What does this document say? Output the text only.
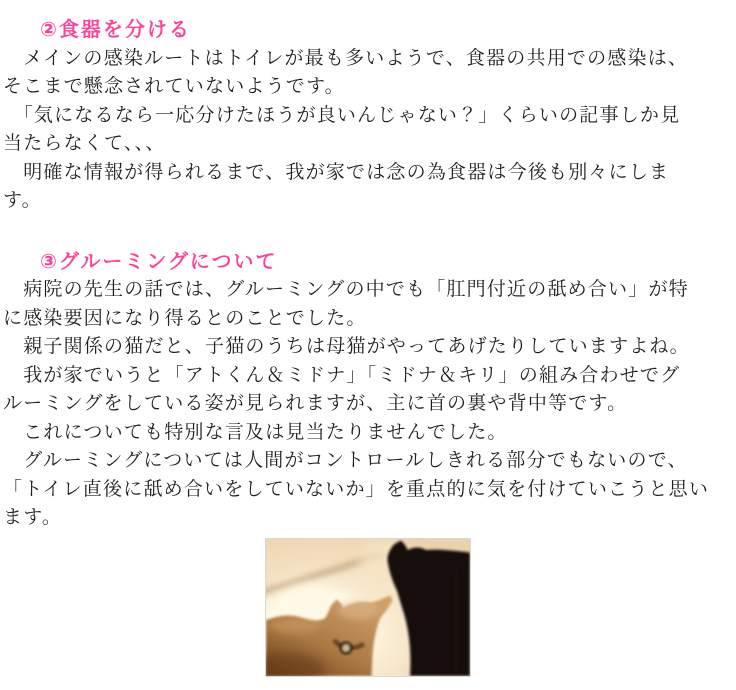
②食器を分ける
　メインの感染ルートはトイレが最も多いようで、食器の共用での感染は、
そこまで懸念されていないようです。
　「気になるなら一応分けたほうが良いんじゃない？」くらいの記事しか見
当たらなくて、、、
　明確な情報が得られるまで、我が家では念の為食器は今後も別々にしま
す。
③グルーミングについて
　病院の先生の話では、グルーミングの中でも「肛門付近の舐め合い」が特
に感染要因になり得るとのことでした。
　親子関係の猫だと、子猫のうちは母猫がやってあげたりしていますよね。
　我が家でいうと「アトくん＆ミドナ」「ミドナ＆キリ」の組み合わせでグ
ルーミングをしている姿が見られますが、主に首の裏や背中等です。
　これについても特別な言及は見当たりませんでした。
　グルーミングについては人間がコントロールしきれる部分でもないので、
「トイレ直後に舐め合いをしていないか」を重点的に気を付けていこうと思い
ます。
